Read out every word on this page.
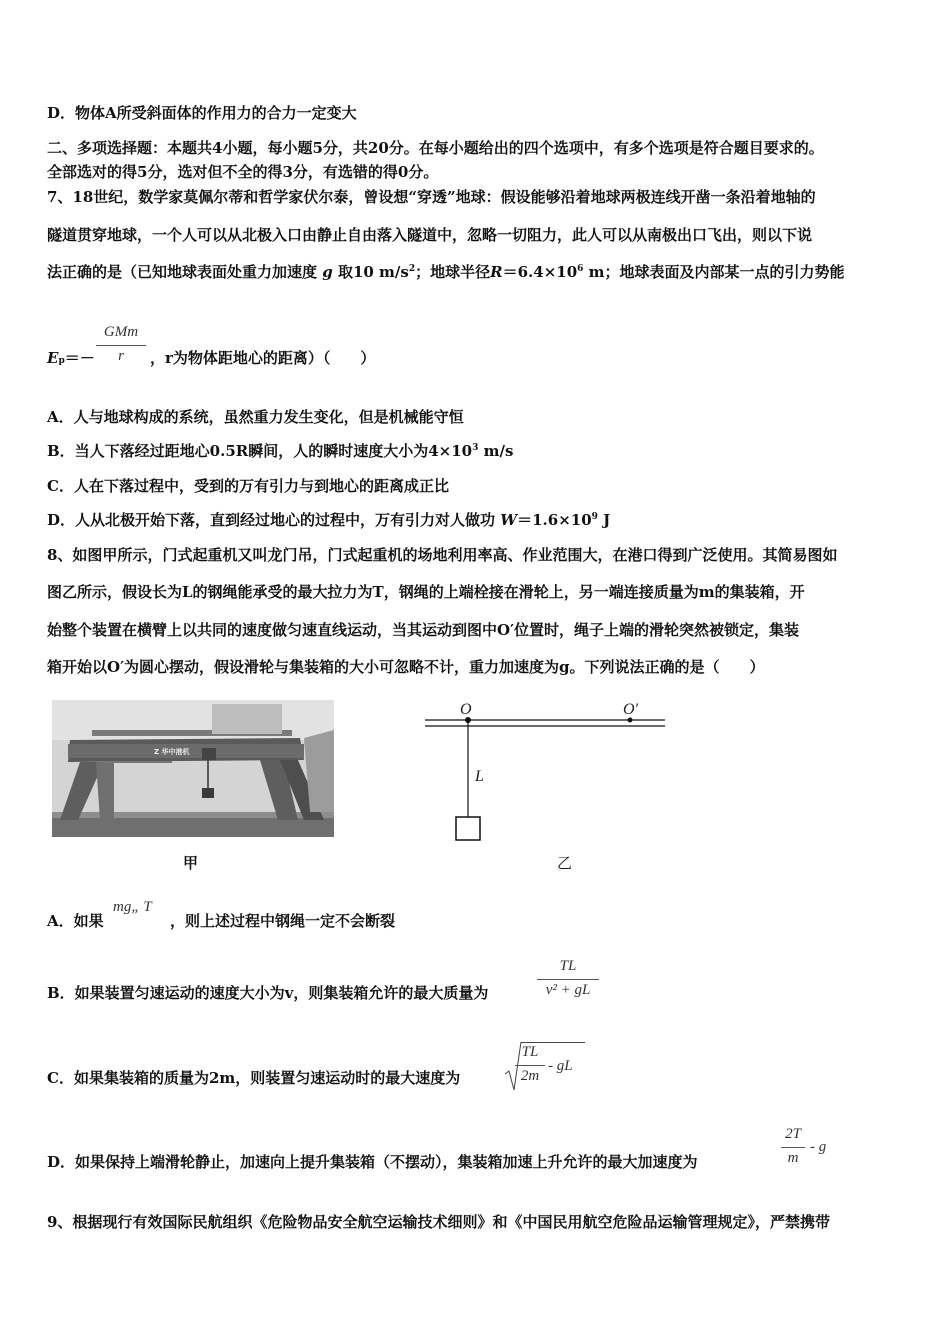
D．物体A所受斜面体的作用力的合力一定变大
二、多项选择题：本题共4小题，每小题5分，共20分。在每小题给出的四个选项中，有多个选项是符合题目要求的。
全部选对的得5分，选对但不全的得3分，有选错的得0分。
7、18世纪，数学家莫佩尔蒂和哲学家伏尔泰，曾设想“穿透”地球：假设能够沿着地球两极连线开凿一条沿着地轴的
隧道贯穿地球，一个人可以从北极入口由静止自由落入隧道中，忽略一切阻力，此人可以从南极出口飞出，则以下说
法正确的是（已知地球表面处重力加速度 g 取10 $m/s^2$；地球半径$R=6.4\times 10^6$ m；地球表面及内部某一点的引力势能
Ep＝－
GMm
r	，r为物体距地心的距离）（　　）
A．人与地球构成的系统，虽然重力发生变化，但是机械能守恒
B．当人下落经过距地心0.5R瞬间，人的瞬时速度大小为$4\times 10^3$ m/s
C．人在下落过程中，受到的万有引力与到地心的距离成正比
D．人从北极开始下落，直到经过地心的过程中，万有引力对人做功 $W=1.6\times 10^9$ J
8、如图甲所示，门式起重机又叫龙门吊，门式起重机的场地利用率高、作业范围大，在港口得到广泛使用。其简易图如
图乙所示，假设长为L的钢绳能承受的最大拉力为T，钢绳的上端栓接在滑轮上，另一端连接质量为m的集装箱，开
始整个装置在横臂上以共同的速度做匀速直线运动，当其运动到图中O′位置时，绳子上端的滑轮突然被锁定，集装
箱开始以O′为圆心摆动，假设滑轮与集装箱的大小可忽略不计，重力加速度为g。下列说法正确的是（　　）
Z 华中港机
甲
O	O′
L
乙
A．如果
mg„ T
，则上述过程中钢绳一定不会断裂
B．如果装置匀速运动的速度大小为v，则集装箱允许的最大质量为
TL
v² + gL
C．如果集装箱的质量为2m，则装置匀速运动时的最大速度为
TL
2m
- gL
D．如果保持上端滑轮静止，加速向上提升集装箱（不摆动），集装箱加速上升允许的最大加速度为
2T
m
- g
9、根据现行有效国际民航组织《危险物品安全航空运输技术细则》和《中国民用航空危险品运输管理规定》，严禁携带
